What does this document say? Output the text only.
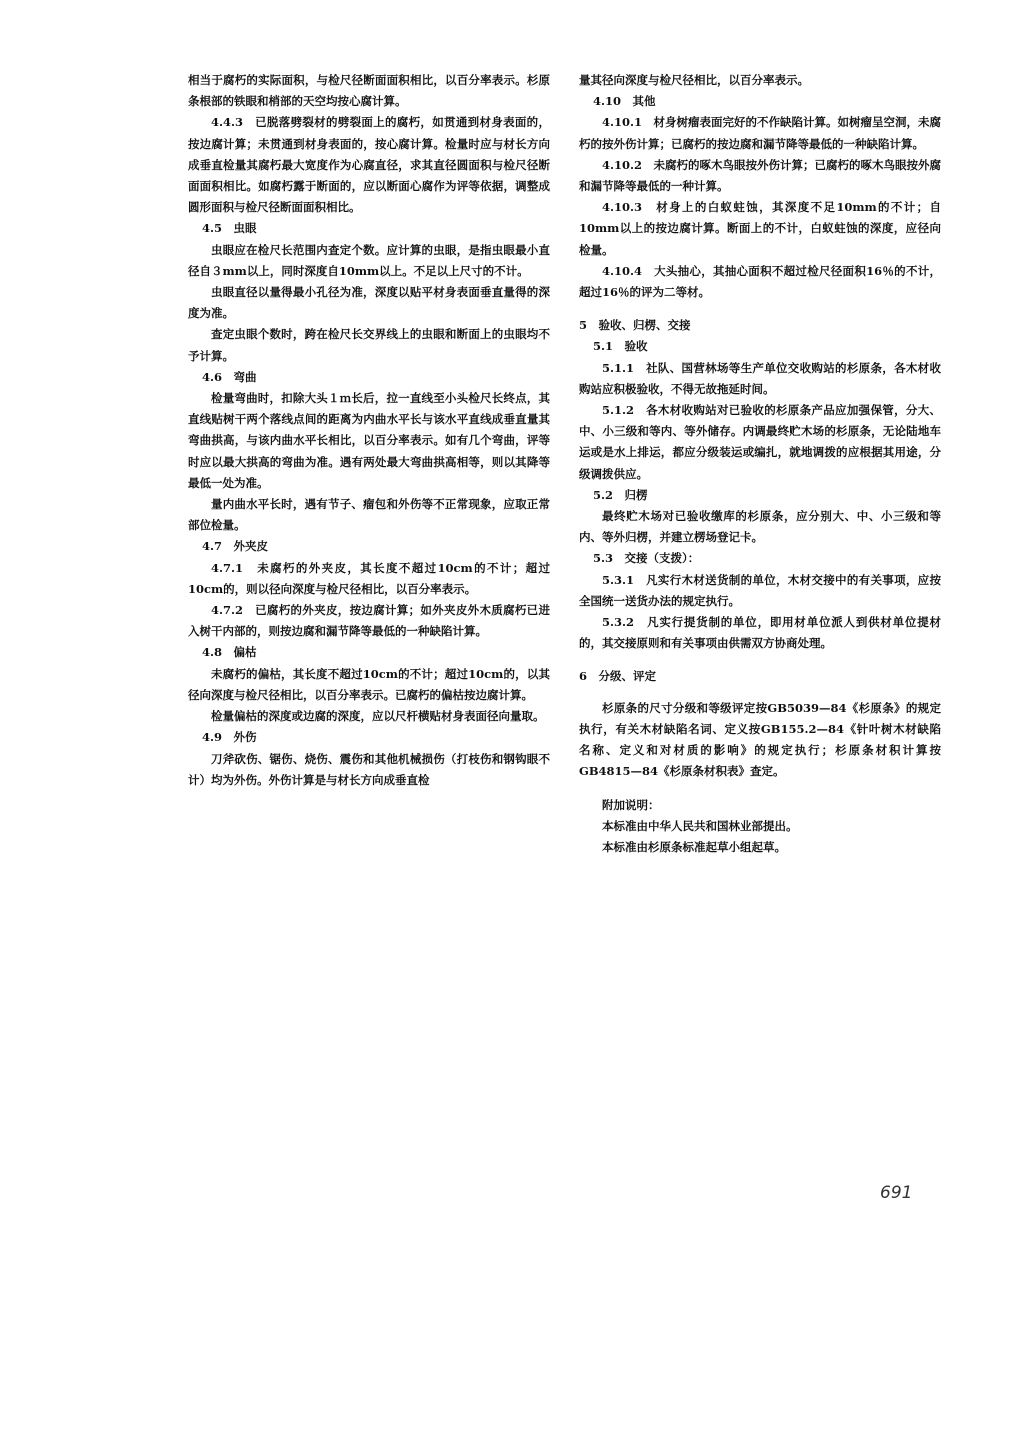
相当于腐朽的实际面积，与检尺径断面面积相比，以百分率表示。杉原条根部的铁眼和梢部的天空均按心腐计算。

4.4.3　已脱落劈裂材的劈裂面上的腐朽，如贯通到材身表面的，按边腐计算；未贯通到材身表面的，按心腐计算。检量时应与材长方向成垂直检量其腐朽最大宽度作为心腐直径，求其直径圆面积与检尺径断面面积相比。如腐朽露于断面的，应以断面心腐作为评等依据，调整成圆形面积与检尺径断面面积相比。

4.5　虫眼

虫眼应在检尺长范围内查定个数。应计算的虫眼，是指虫眼最小直径自３mm以上，同时深度自10mm以上。不足以上尺寸的不计。

虫眼直径以量得最小孔径为准，深度以贴平材身表面垂直量得的深度为准。

查定虫眼个数时，跨在检尺长交界线上的虫眼和断面上的虫眼均不予计算。

4.6　弯曲

检量弯曲时，扣除大头１ｍ长后，拉一直线至小头检尺长终点，其直线贴树干两个落线点间的距离为内曲水平长与该水平直线成垂直量其弯曲拱高，与该内曲水平长相比，以百分率表示。如有几个弯曲，评等时应以最大拱高的弯曲为准。遇有两处最大弯曲拱高相等，则以其降等最低一处为准。

量内曲水平长时，遇有节子、瘤包和外伤等不正常现象，应取正常部位检量。

4.7　外夹皮

4.7.1　未腐朽的外夹皮，其长度不超过10cm的不计；超过10cm的，则以径向深度与检尺径相比，以百分率表示。

4.7.2　已腐朽的外夹皮，按边腐计算；如外夹皮外木质腐朽已进入树干内部的，则按边腐和漏节降等最低的一种缺陷计算。

4.8　偏枯

未腐朽的偏枯，其长度不超过10cm的不计；超过10cm的，以其径向深度与检尺径相比，以百分率表示。已腐朽的偏枯按边腐计算。

检量偏枯的深度或边腐的深度，应以尺杆横贴材身表面径向量取。

4.9　外伤

刀斧砍伤、锯伤、烧伤、震伤和其他机械损伤（打枝伤和钢钩眼不计）均为外伤。外伤计算是与材长方向成垂直检

量其径向深度与检尺径相比，以百分率表示。

4.10　其他

4.10.1　材身树瘤表面完好的不作缺陷计算。如树瘤呈空洞，未腐朽的按外伤计算；已腐朽的按边腐和漏节降等最低的一种缺陷计算。

4.10.2　未腐朽的啄木鸟眼按外伤计算；已腐朽的啄木鸟眼按外腐和漏节降等最低的一种计算。

4.10.3　材身上的白蚁蛀蚀，其深度不足10mm的不计；自10mm以上的按边腐计算。断面上的不计，白蚁蛀蚀的深度，应径向检量。

4.10.4　大头抽心，其抽心面积不超过检尺径面积16％的不计，超过16％的评为二等材。

5　验收、归楞、交接

5.1　验收

5.1.1　社队、国营林场等生产单位交收购站的杉原条，各木材收购站应积极验收，不得无故拖延时间。

5.1.2　各木材收购站对已验收的杉原条产品应加强保管，分大、中、小三级和等内、等外储存。内调最终贮木场的杉原条，无论陆地车运或是水上排运，都应分级装运或编扎，就地调拨的应根据其用途，分级调拨供应。

5.2　归楞

最终贮木场对已验收缴库的杉原条，应分别大、中、小三级和等内、等外归楞，并建立楞场登记卡。

5.3　交接（支拨）：

5.3.1　凡实行木材送货制的单位，木材交接中的有关事项，应按全国统一送货办法的规定执行。

5.3.2　凡实行提货制的单位，即用材单位派人到供材单位提材的，其交接原则和有关事项由供需双方协商处理。

6　分级、评定

杉原条的尺寸分级和等级评定按GB5039—84《杉原条》的规定执行，有关木材缺陷名词、定义按GB155.2—84《针叶树木材缺陷　名称、定义和对材质的影响》的规定执行；杉原条材积计算按GB4815—84《杉原条材积表》查定。

附加说明：

本标准由中华人民共和国林业部提出。

本标准由杉原条标准起草小组起草。

691
